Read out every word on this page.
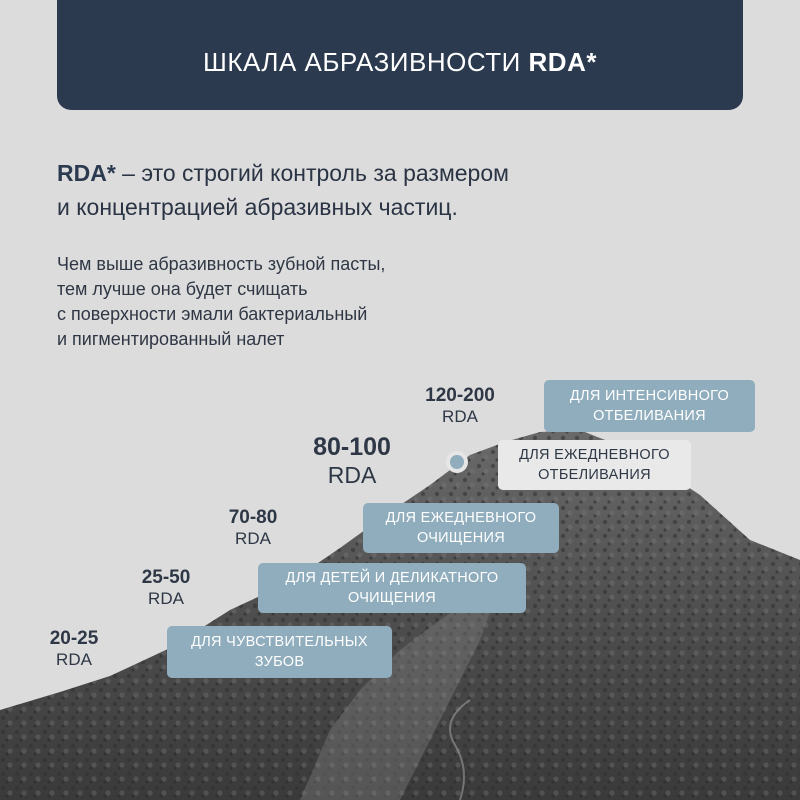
ШКАЛА АБРАЗИВНОСТИ RDA*
RDA* – это строгий контроль за размером
и концентрацией абразивных частиц.
Чем выше абразивность зубной пасты,
тем лучше она будет счищать
с поверхности эмали бактериальный
и пигментированный налет
20-25
RDA
25-50
RDA
70-80
RDA
80-100
RDA
120-200
RDA
ДЛЯ ЧУВСТВИТЕЛЬНЫХ
ЗУБОВ
ДЛЯ ДЕТЕЙ И ДЕЛИКАТНОГО
ОЧИЩЕНИЯ
ДЛЯ ЕЖЕДНЕВНОГО
ОЧИЩЕНИЯ
ДЛЯ ЕЖЕДНЕВНОГО
ОТБЕЛИВАНИЯ
ДЛЯ ИНТЕНСИВНОГО
ОТБЕЛИВАНИЯ
